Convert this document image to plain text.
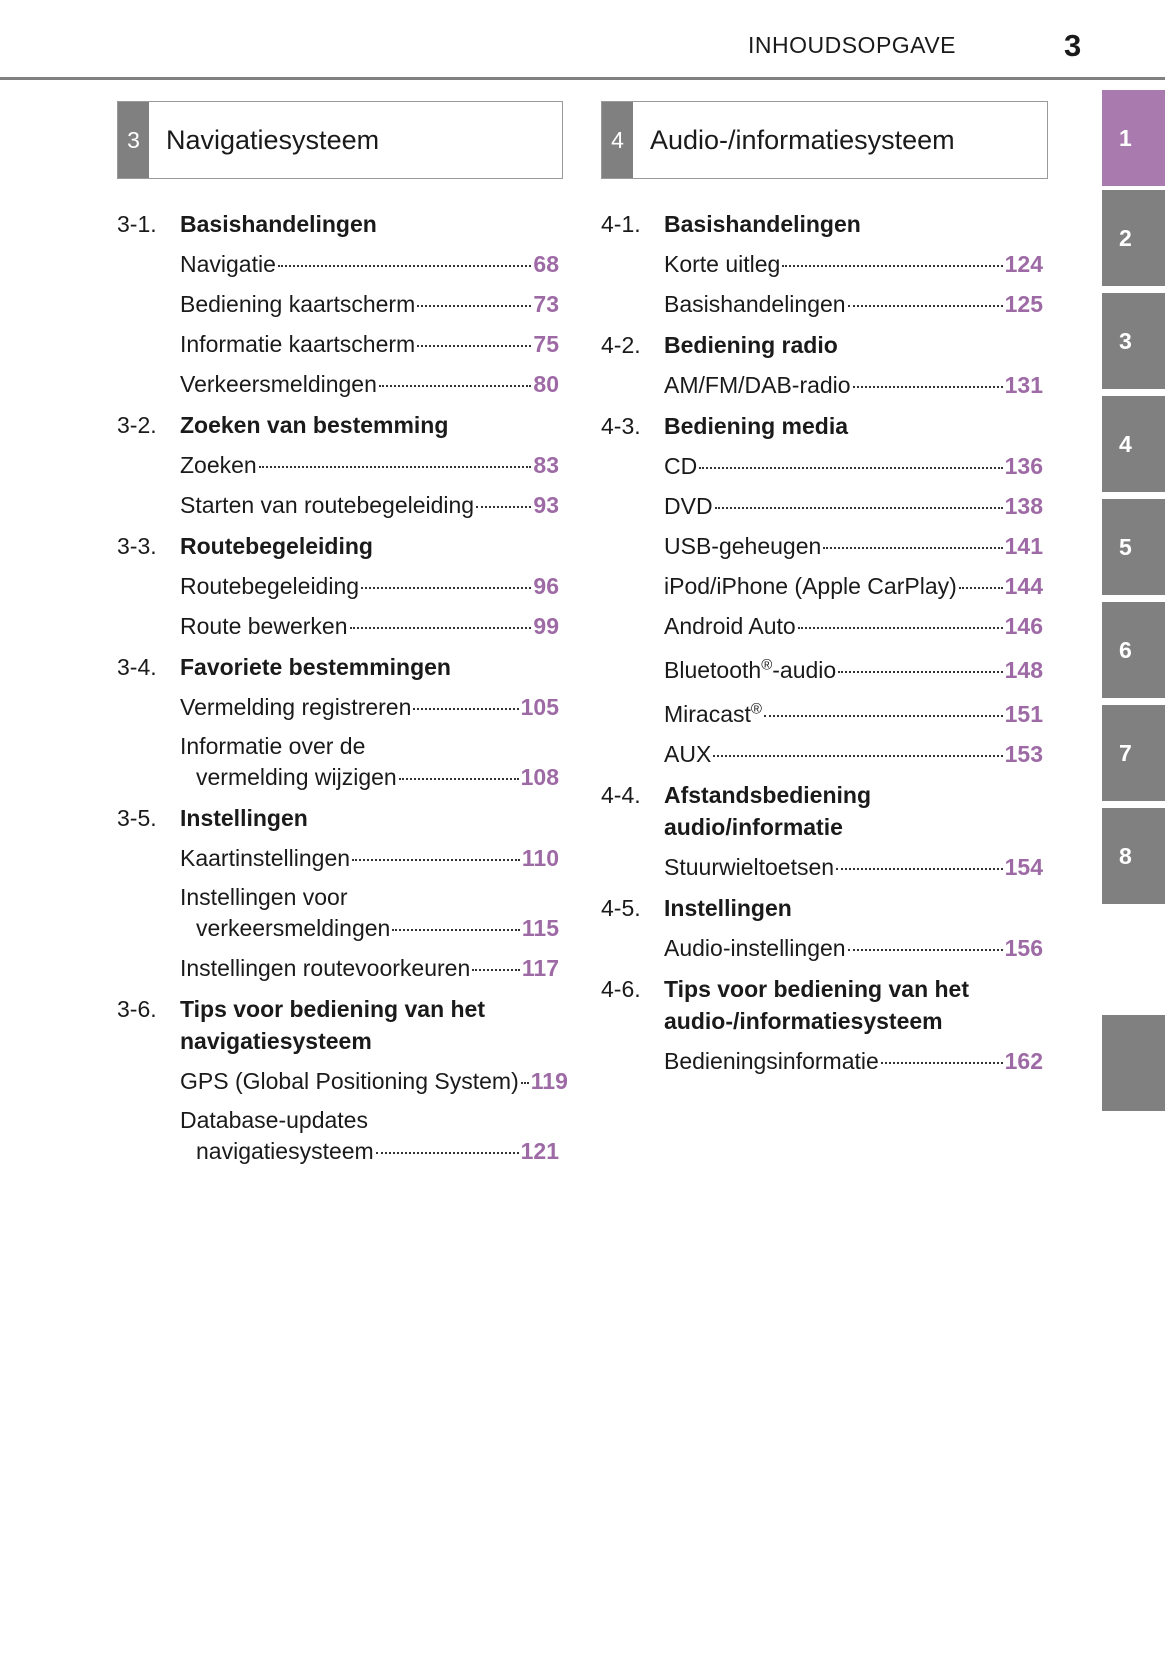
INHOUDSOPGAVE	3
3 Navigatiesysteem	4 Audio-/informatiesysteem
3-1.	Basishandelingen
Navigatie	68
Bediening kaartscherm	73
Informatie kaartscherm	75
Verkeersmeldingen	80
3-2.	Zoeken van bestemming
Zoeken	83
Starten van routebegeleiding	93
3-3.	Routebegeleiding
Routebegeleiding	96
Route bewerken	99
3-4.	Favoriete bestemmingen
Vermelding registreren	105
Informatie over de
vermelding wijzigen	108
3-5.	Instellingen
Kaartinstellingen	110
Instellingen voor
verkeersmeldingen	115
Instellingen routevoorkeuren 117
3-6.	Tips voor bediening van het navigatiesysteem
GPS (Global Positioning System) 119
Database-updates
navigatiesysteem	121
4-1.	Basishandelingen
Korte uitleg	124
Basishandelingen	125
4-2.	Bediening radio
AM/FM/DAB-radio	131
4-3.	Bediening media
CD	136
DVD	138
USB-geheugen	141
iPod/iPhone (Apple CarPlay) 144
Android Auto	146
Bluetooth®-audio	148
Miracast®	151
AUX	153
4-4.	Afstandsbediening audio/informatie
Stuurwieltoetsen	154
4-5.	Instellingen
Audio-instellingen	156
4-6.	Tips voor bediening van het audio-/informatiesysteem
Bedieningsinformatie	162
1
2
3
4
5
6
7
8
